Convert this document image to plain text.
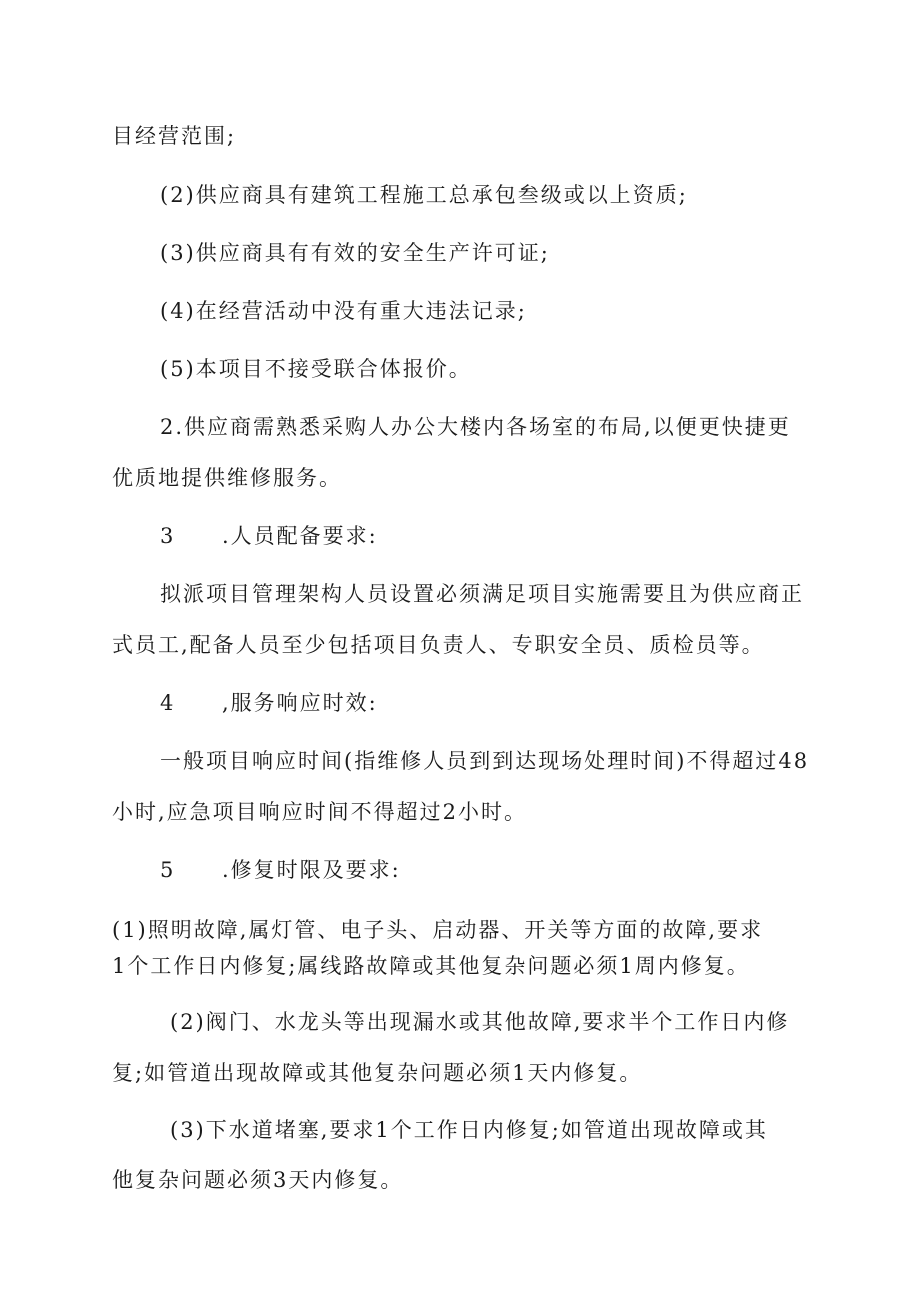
目经营范围;
(2)供应商具有建筑工程施工总承包叁级或以上资质;
(3)供应商具有有效的安全生产许可证;
(4)在经营活动中没有重大违法记录;
(5)本项目不接受联合体报价。
2.供应商需熟悉采购人办公大楼内各场室的布局,以便更快捷更
优质地提供维修服务。
3 .人员配备要求:
拟派项目管理架构人员设置必须满足项目实施需要且为供应商正
式员工,配备人员至少包括项目负责人、专职安全员、质检员等。
4 ,服务响应时效:
一般项目响应时间(指维修人员到到达现场处理时间)不得超过48
小时,应急项目响应时间不得超过2小时。
5 .修复时限及要求:
(1)照明故障,属灯管、电子头、启动器、开关等方面的故障,要求
1个工作日内修复;属线路故障或其他复杂问题必须1周内修复。
(2)阀门、水龙头等出现漏水或其他故障,要求半个工作日内修
复;如管道出现故障或其他复杂问题必须1天内修复。
(3)下水道堵塞,要求1个工作日内修复;如管道出现故障或其
他复杂问题必须3天内修复。
